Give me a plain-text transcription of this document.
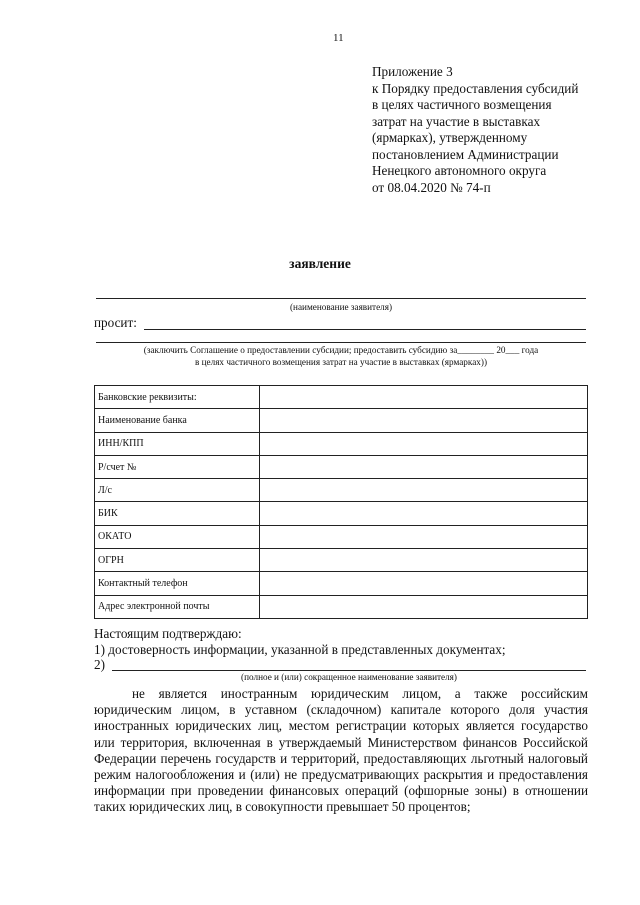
11
Приложение 3
к Порядку предоставления субсидий
в целях частичного возмещения
затрат на участие в выставках
(ярмарках), утвержденному
постановлением Администрации
Ненецкого автономного округа
от 08.04.2020 № 74-п
заявление
(наименование заявителя)
просит:
(заключить Соглашение о предоставлении субсидии; предоставить субсидию за________ 20___ года
в целях частичного возмещения затрат на участие в выставках (ярмарках))
Банковские реквизиты:	
Наименование банка	
ИНН/КПП	
Р/счет №	
Л/с	
БИК	
ОКАТО	
ОГРН	
Контактный телефон	
Адрес электронной почты	
Настоящим подтверждаю:
1) достоверность информации, указанной в представленных документах;
2)
(полное и (или) сокращенное наименование заявителя)
не является иностранным юридическим лицом, а также российским юридическим лицом, в уставном (складочном) капитале которого доля участия иностранных юридических лиц, местом регистрации которых является государство или территория, включенная в утверждаемый Министерством финансов Российской Федерации перечень государств и территорий, предоставляющих льготный налоговый режим налогообложения и (или) не предусматривающих раскрытия и предоставления информации при проведении финансовых операций (офшорные зоны) в отношении таких юридических лиц, в совокупности превышает 50 процентов;
